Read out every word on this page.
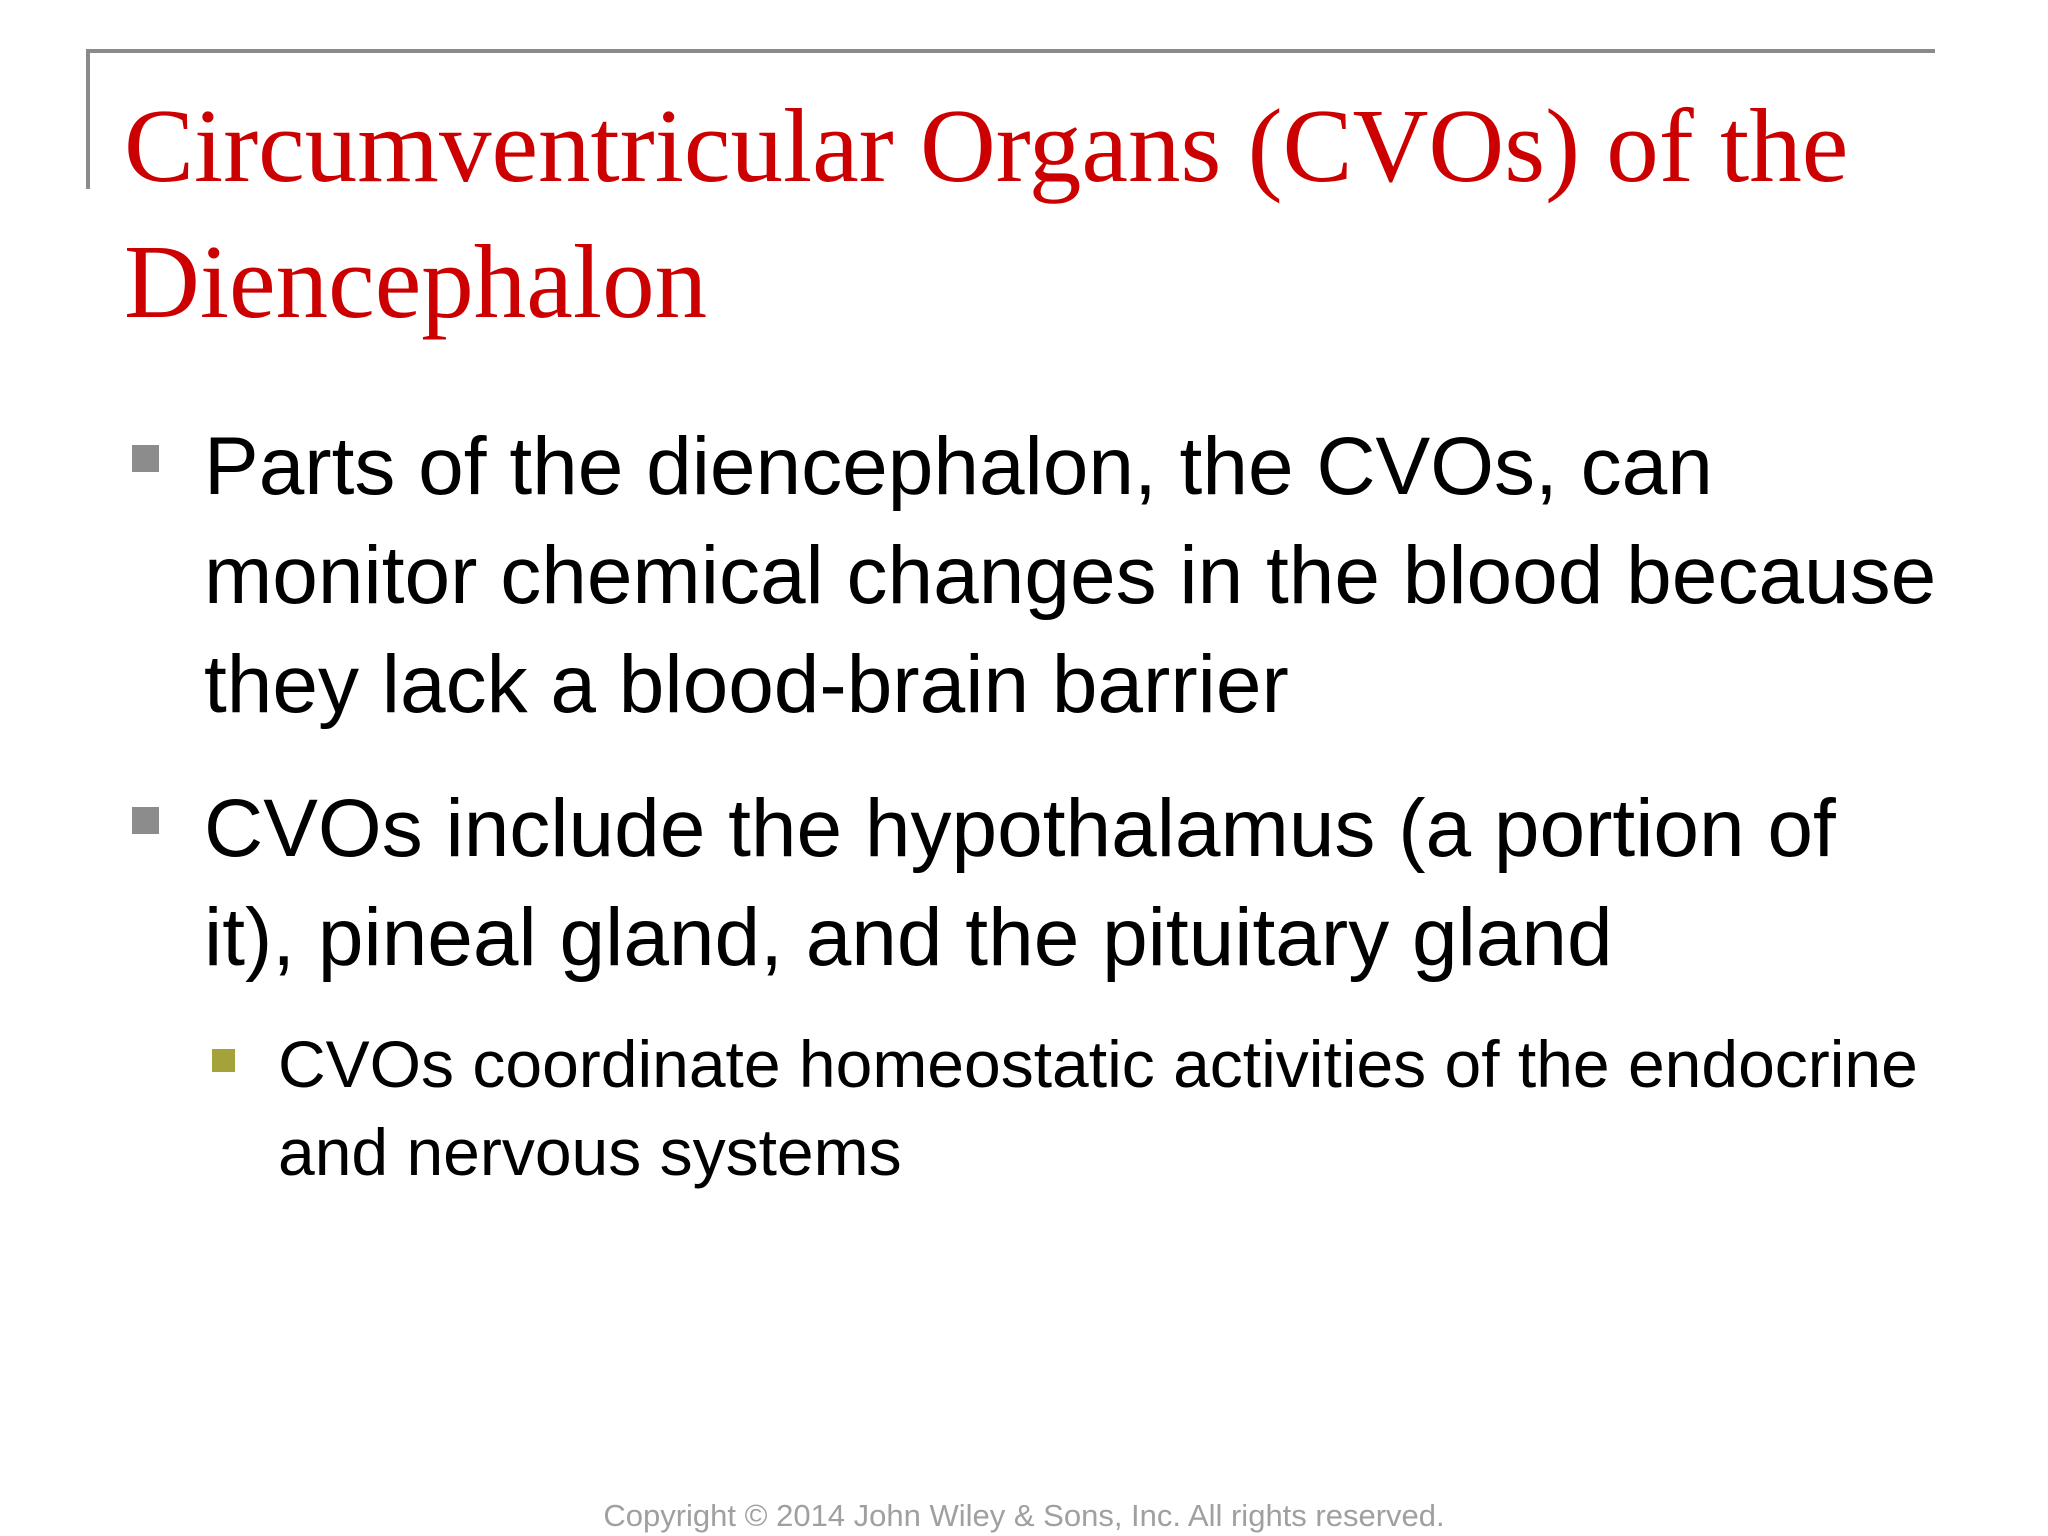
Circumventricular Organs (CVOs) of the Diencephalon
Parts of the diencephalon, the CVOs, can monitor chemical changes in the blood because they lack a blood-brain barrier
CVOs include the hypothalamus (a portion of it), pineal gland, and the pituitary gland
CVOs coordinate homeostatic activities of the endocrine and nervous systems
Copyright © 2014 John Wiley & Sons, Inc. All rights reserved.
